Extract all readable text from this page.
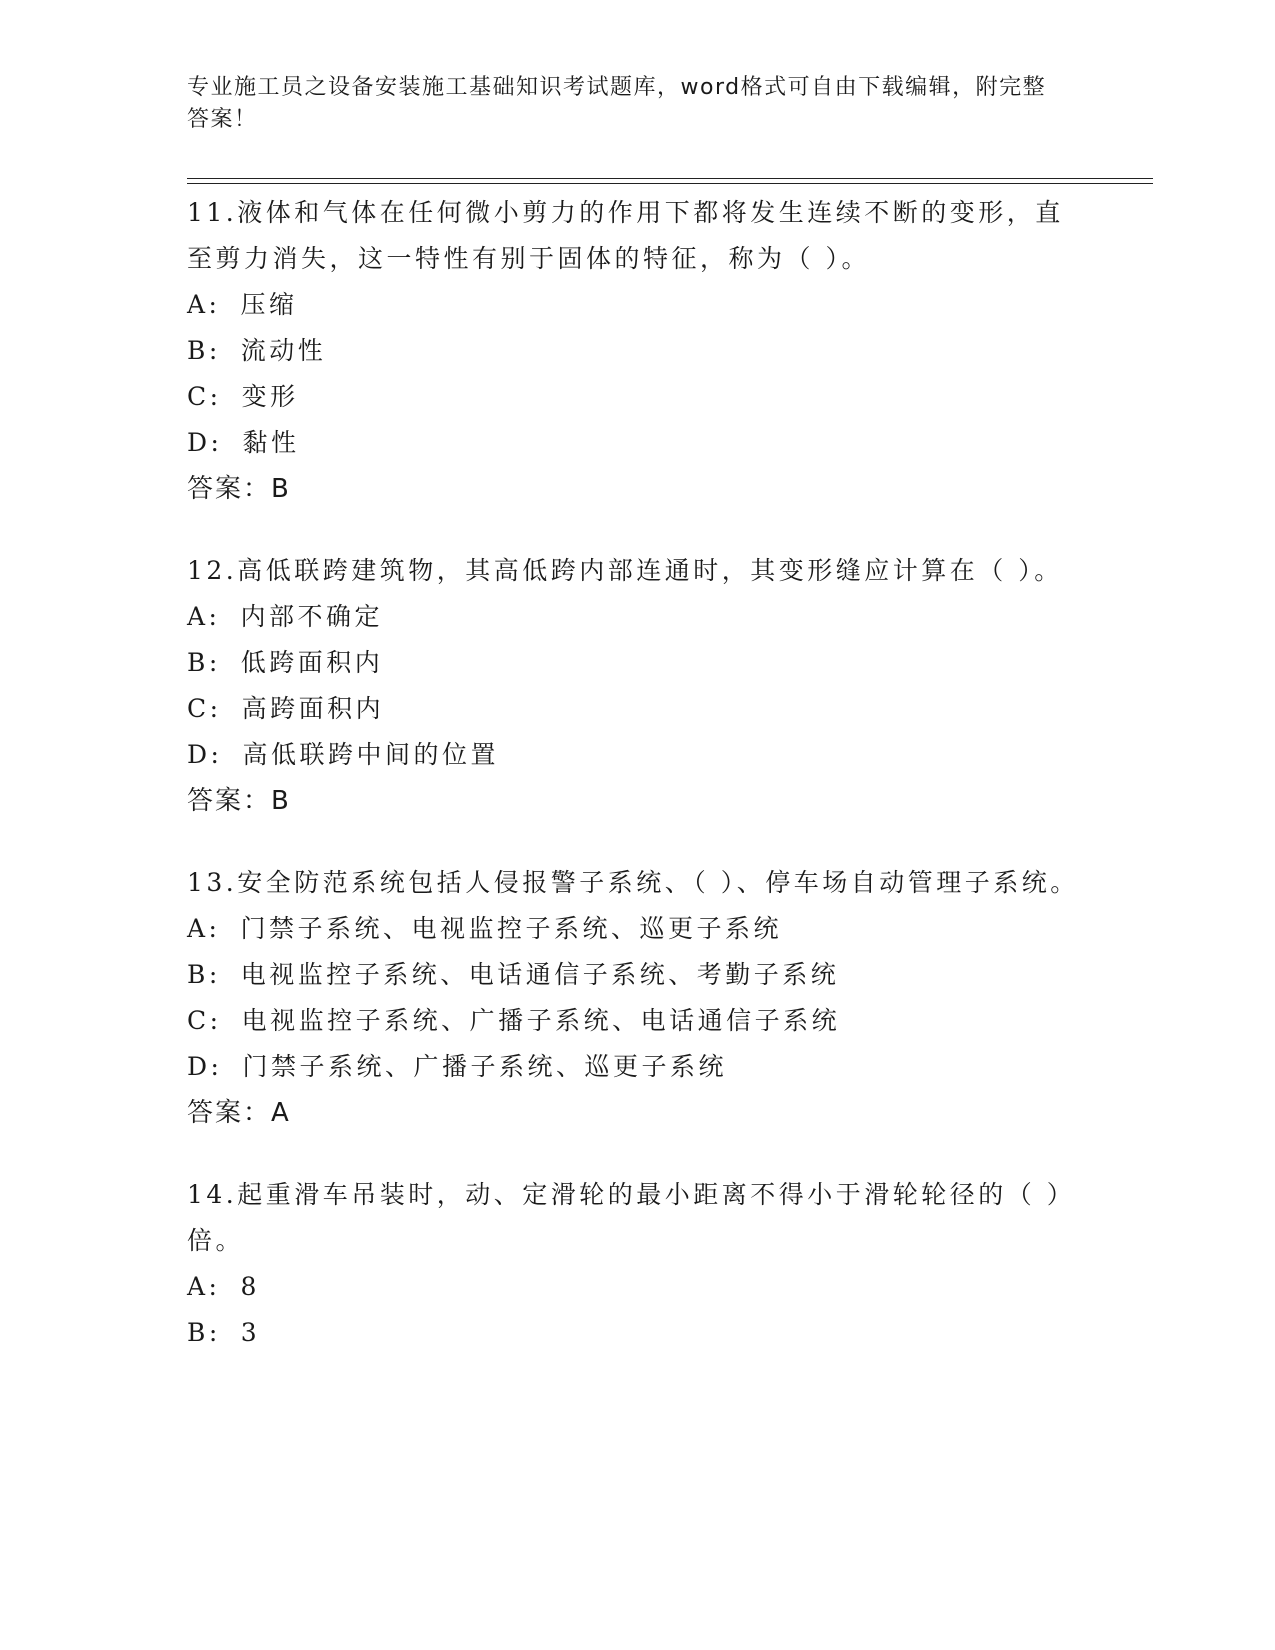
专业施工员之设备安装施工基础知识考试题库，word格式可自由下载编辑，附完整答案！

11.液体和气体在任何微小剪力的作用下都将发生连续不断的变形，直至剪力消失，这一特性有别于固体的特征，称为（ ）。

A: 压缩
B: 流动性
C: 变形
D: 黏性
答案：B

12.高低联跨建筑物，其高低跨内部连通时，其变形缝应计算在（ ）。

A: 内部不确定
B: 低跨面积内
C: 高跨面积内
D: 高低联跨中间的位置
答案：B

13.安全防范系统包括人侵报警子系统、（ ）、停车场自动管理子系统。

A: 门禁子系统、电视监控子系统、巡更子系统
B: 电视监控子系统、电话通信子系统、考勤子系统
C: 电视监控子系统、广播子系统、电话通信子系统
D: 门禁子系统、广播子系统、巡更子系统
答案：A

14.起重滑车吊装时，动、定滑轮的最小距离不得小于滑轮轮径的（ ）倍。

A: 8
B: 3
